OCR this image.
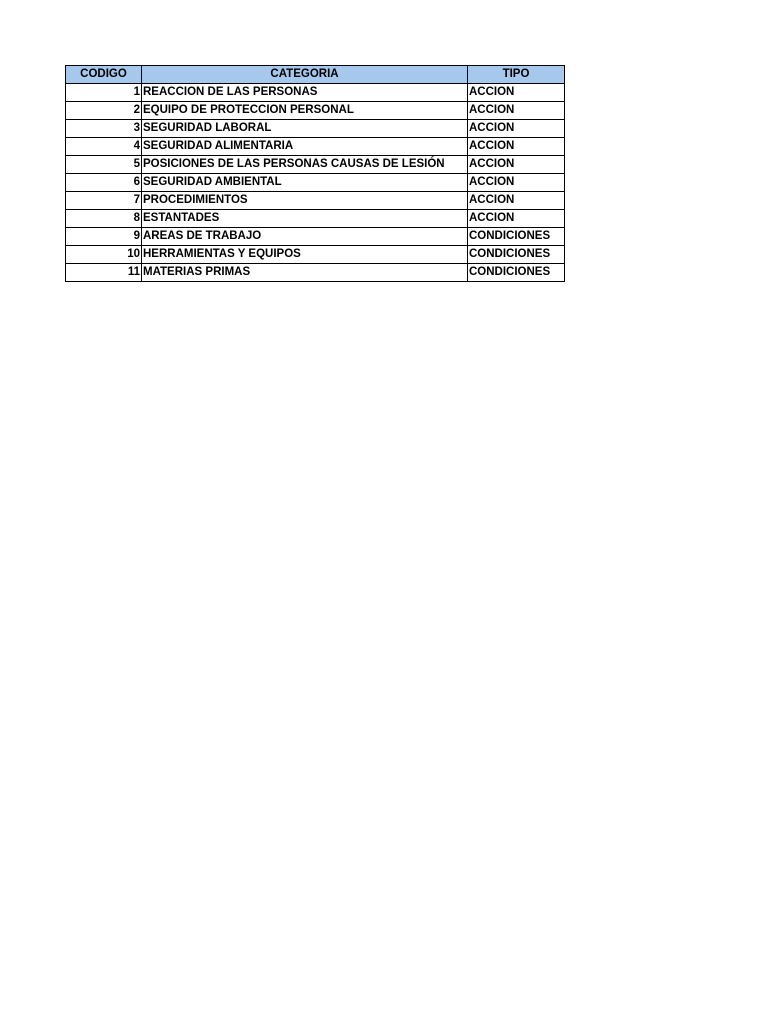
CODIGO	CATEGORIA	TIPO
1	REACCION DE LAS PERSONAS	ACCION
2	EQUIPO DE PROTECCION PERSONAL	ACCION
3	SEGURIDAD LABORAL	ACCION
4	SEGURIDAD ALIMENTARIA	ACCION
5	POSICIONES DE LAS PERSONAS CAUSAS DE LESIÓN	ACCION
6	SEGURIDAD AMBIENTAL	ACCION
7	PROCEDIMIENTOS	ACCION
8	ESTANTADES	ACCION
9	AREAS DE TRABAJO	CONDICIONES
10	HERRAMIENTAS Y EQUIPOS	CONDICIONES
11	MATERIAS PRIMAS	CONDICIONES
